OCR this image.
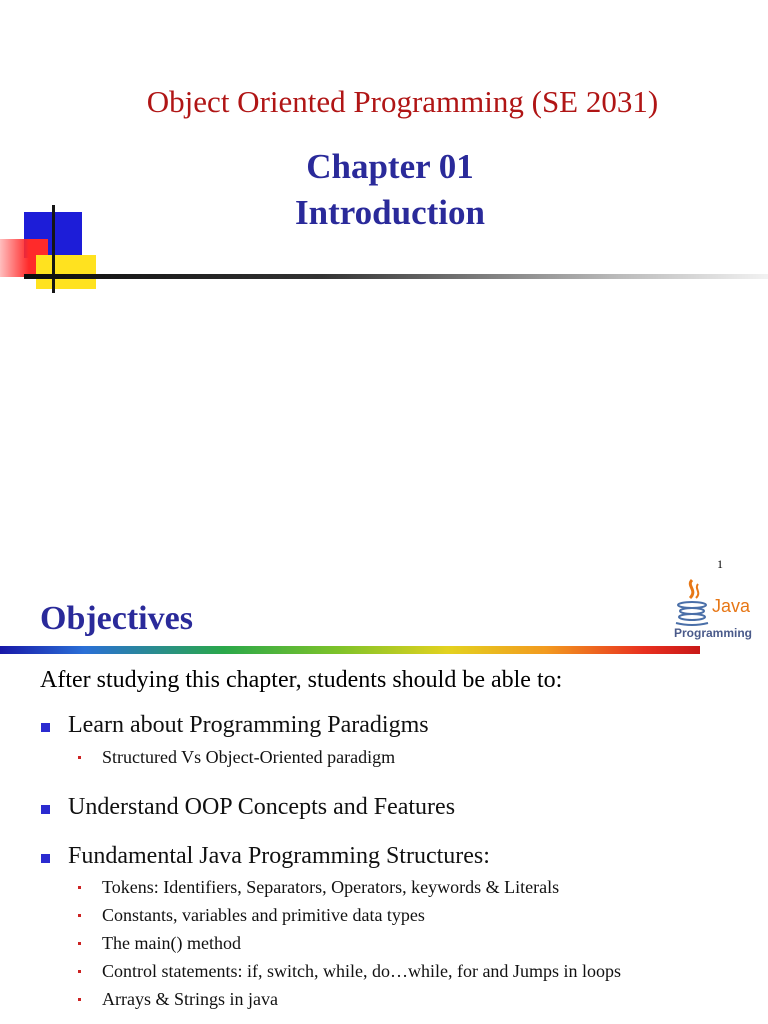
Object Oriented Programming (SE 2031)
Chapter 01
Introduction
1
Objectives	Java
Programming
After studying this chapter, students should be able to:
Learn about Programming Paradigms
Structured Vs Object-Oriented paradigm
Understand OOP Concepts and Features
Fundamental Java Programming Structures:
Tokens: Identifiers, Separators, Operators, keywords & Literals
Constants, variables and primitive data types
The main() method
Control statements: if, switch, while, do…while, for and Jumps in loops
Arrays & Strings in java
